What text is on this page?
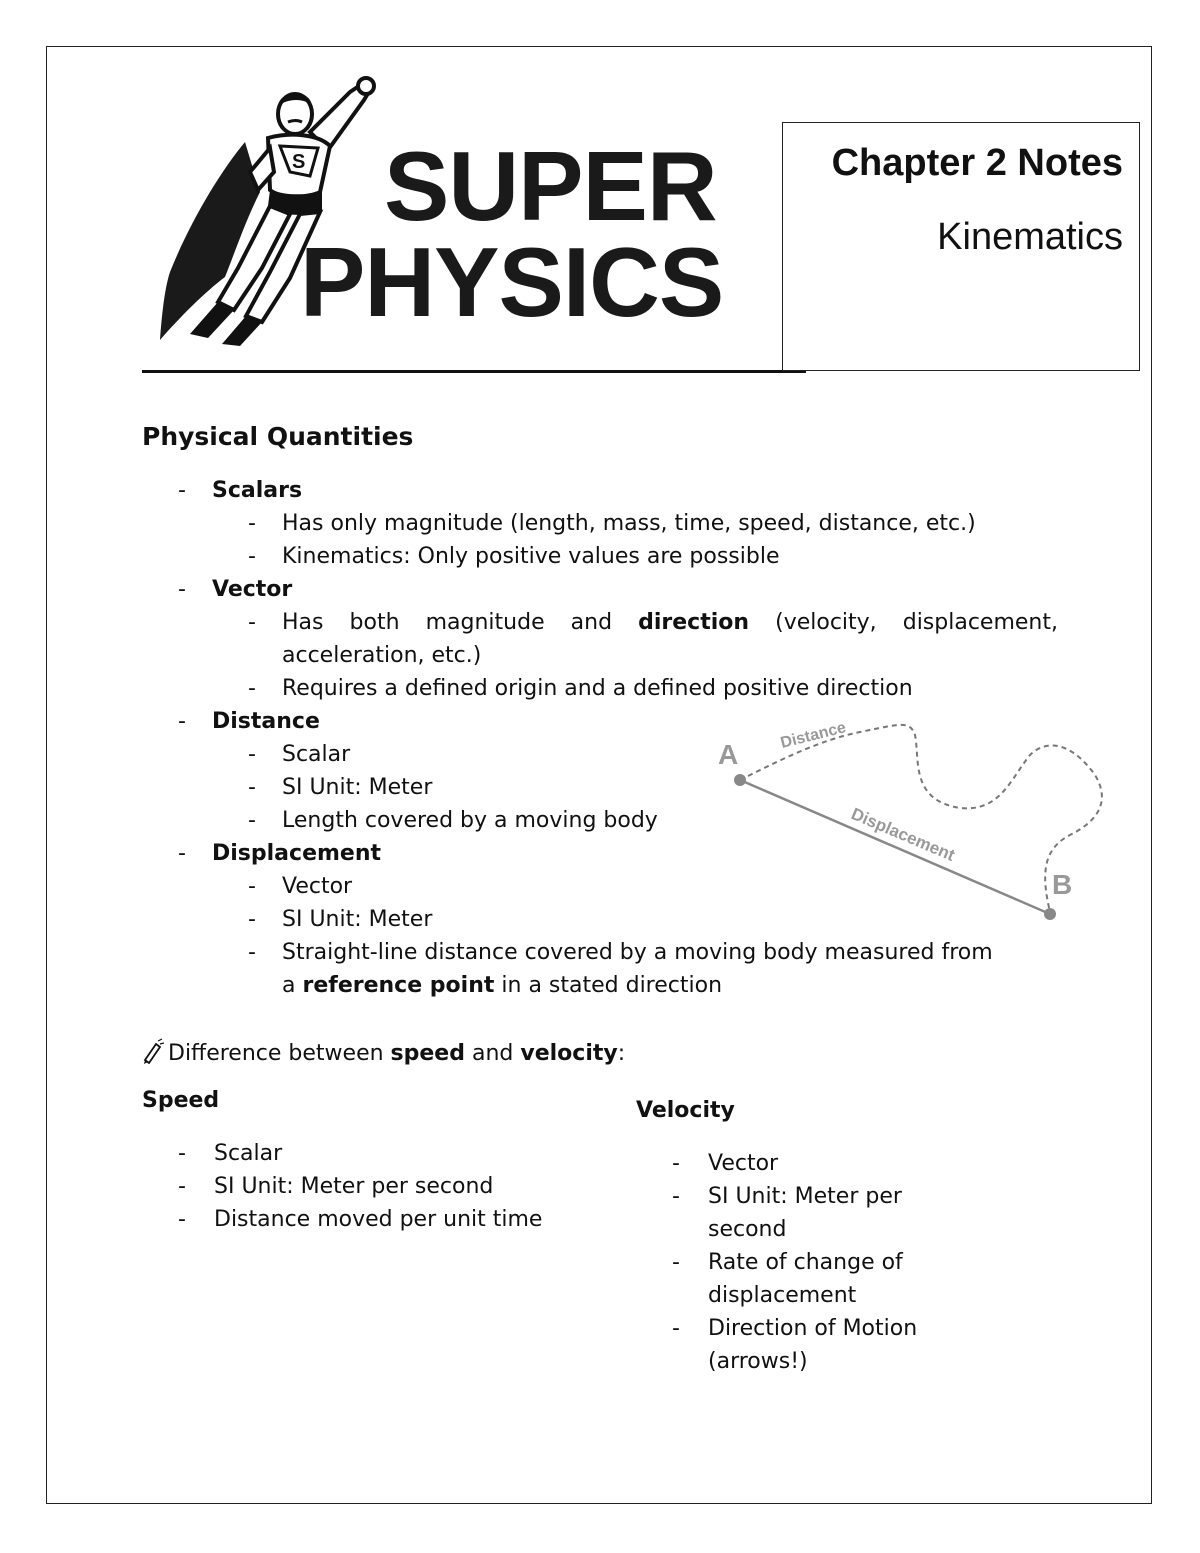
S SUPER
PHYSICS
Chapter 2 Notes
Kinematics
Physical Quantities
- Scalars
- Has only magnitude (length, mass, time, speed, distance, etc.)
- Kinematics: Only positive values are possible
- Vector
- Has both magnitude and direction (velocity, displacement,
acceleration, etc.)
- Requires a defined origin and a defined positive direction
- Distance
- Scalar
- SI Unit: Meter
- Length covered by a moving body
- Displacement
- Vector
- SI Unit: Meter
- Straight-line distance covered by a moving body measured from
a reference point in a stated direction
A
B
Distance
Displacement
Difference between speed and velocity:
Speed
- Scalar
- SI Unit: Meter per second
- Distance moved per unit time
Velocity
- Vector
- SI Unit: Meter per second
- Rate of change of displacement
- Direction of Motion (arrows!)
